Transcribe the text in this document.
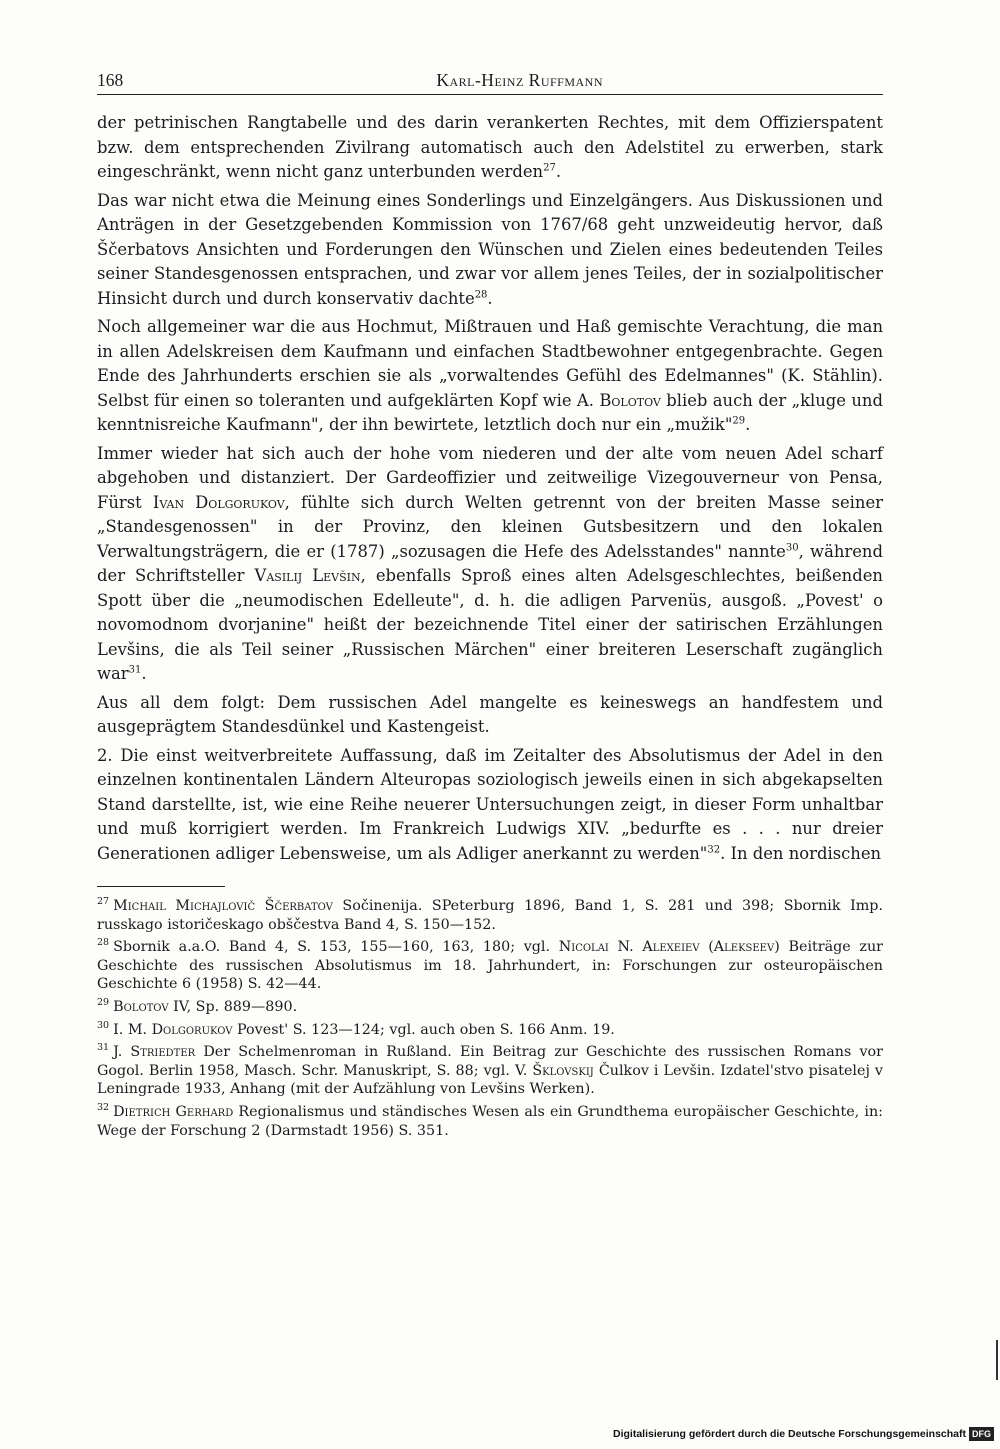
168	Karl-Heinz Ruffmann

der petrinischen Rangtabelle und des darin verankerten Rechtes, mit dem Offizierspatent bzw. dem entsprechenden Zivilrang automatisch auch den Adelstitel zu erwerben, stark eingeschränkt, wenn nicht ganz unterbunden werden$^{27}$.

Das war nicht etwa die Meinung eines Sonderlings und Einzelgängers. Aus Diskussionen und Anträgen in der Gesetzgebenden Kommission von 1767/68 geht unzweideutig hervor, daß Ščerbatovs Ansichten und Forderungen den Wünschen und Zielen eines bedeutenden Teiles seiner Standesgenossen entsprachen, und zwar vor allem jenes Teiles, der in sozialpolitischer Hinsicht durch und durch konservativ dachte$^{28}$.

Noch allgemeiner war die aus Hochmut, Mißtrauen und Haß gemischte Verachtung, die man in allen Adelskreisen dem Kaufmann und einfachen Stadtbewohner entgegenbrachte. Gegen Ende des Jahrhunderts erschien sie als „vorwaltendes Gefühl des Edelmannes" (K. Stählin). Selbst für einen so toleranten und aufgeklärten Kopf wie A. Bolotov blieb auch der „kluge und kenntnisreiche Kaufmann", der ihn bewirtete, letztlich doch nur ein „mužik"$^{29}$.

Immer wieder hat sich auch der hohe vom niederen und der alte vom neuen Adel scharf abgehoben und distanziert. Der Gardeoffizier und zeitweilige Vizegouverneur von Pensa, Fürst Ivan Dolgorukov, fühlte sich durch Welten getrennt von der breiten Masse seiner „Standesgenossen" in der Provinz, den kleinen Gutsbesitzern und den lokalen Verwaltungsträgern, die er (1787) „sozusagen die Hefe des Adelsstandes" nannte$^{30}$, während der Schriftsteller Vasilij Levšin, ebenfalls Sproß eines alten Adelsgeschlechtes, beißenden Spott über die „neumodischen Edelleute", d. h. die adligen Parvenüs, ausgoß. „Povest' o novomodnom dvorjanine" heißt der bezeichnende Titel einer der satirischen Erzählungen Levšins, die als Teil seiner „Russischen Märchen" einer breiteren Leserschaft zugänglich war$^{31}$.

Aus all dem folgt: Dem russischen Adel mangelte es keineswegs an handfestem und ausgeprägtem Standesdünkel und Kastengeist.

2. Die einst weitverbreitete Auffassung, daß im Zeitalter des Absolutismus der Adel in den einzelnen kontinentalen Ländern Alteuropas soziologisch jeweils einen in sich abgekapselten Stand darstellte, ist, wie eine Reihe neuerer Untersuchungen zeigt, in dieser Form unhaltbar und muß korrigiert werden. Im Frankreich Ludwigs XIV. „bedurfte es . . . nur dreier Generationen adliger Lebensweise, um als Adliger anerkannt zu werden"$^{32}$. In den nordischen

$^{27}$ Michail Michajlovič Ščerbatov Sočinenija. SPeterburg 1896, Band 1, S. 281 und 398; Sbornik Imp. russkago istoričeskago obščestva Band 4, S. 150—152.

$^{28}$ Sbornik a.a.O. Band 4, S. 153, 155—160, 163, 180; vgl. Nicolai N. Alexeiev (Alekseev) Beiträge zur Geschichte des russischen Absolutismus im 18. Jahrhundert, in: Forschungen zur osteuropäischen Geschichte 6 (1958) S. 42—44.

$^{29}$ Bolotov IV, Sp. 889—890.

$^{30}$ I. M. Dolgorukov Povest' S. 123—124; vgl. auch oben S. 166 Anm. 19.

$^{31}$ J. Striedter Der Schelmenroman in Rußland. Ein Beitrag zur Geschichte des russischen Romans vor Gogol. Berlin 1958, Masch. Schr. Manuskript, S. 88; vgl. V. Šklovskij Čulkov i Levšin. Izdatel'stvo pisatelej v Leningrade 1933, Anhang (mit der Aufzählung von Levšins Werken).

$^{32}$ Dietrich Gerhard Regionalismus und ständisches Wesen als ein Grundthema europäischer Geschichte, in: Wege der Forschung 2 (Darmstadt 1956) S. 351.

Digitalisierung gefördert durch die Deutsche Forschungsgemeinschaft DFG
